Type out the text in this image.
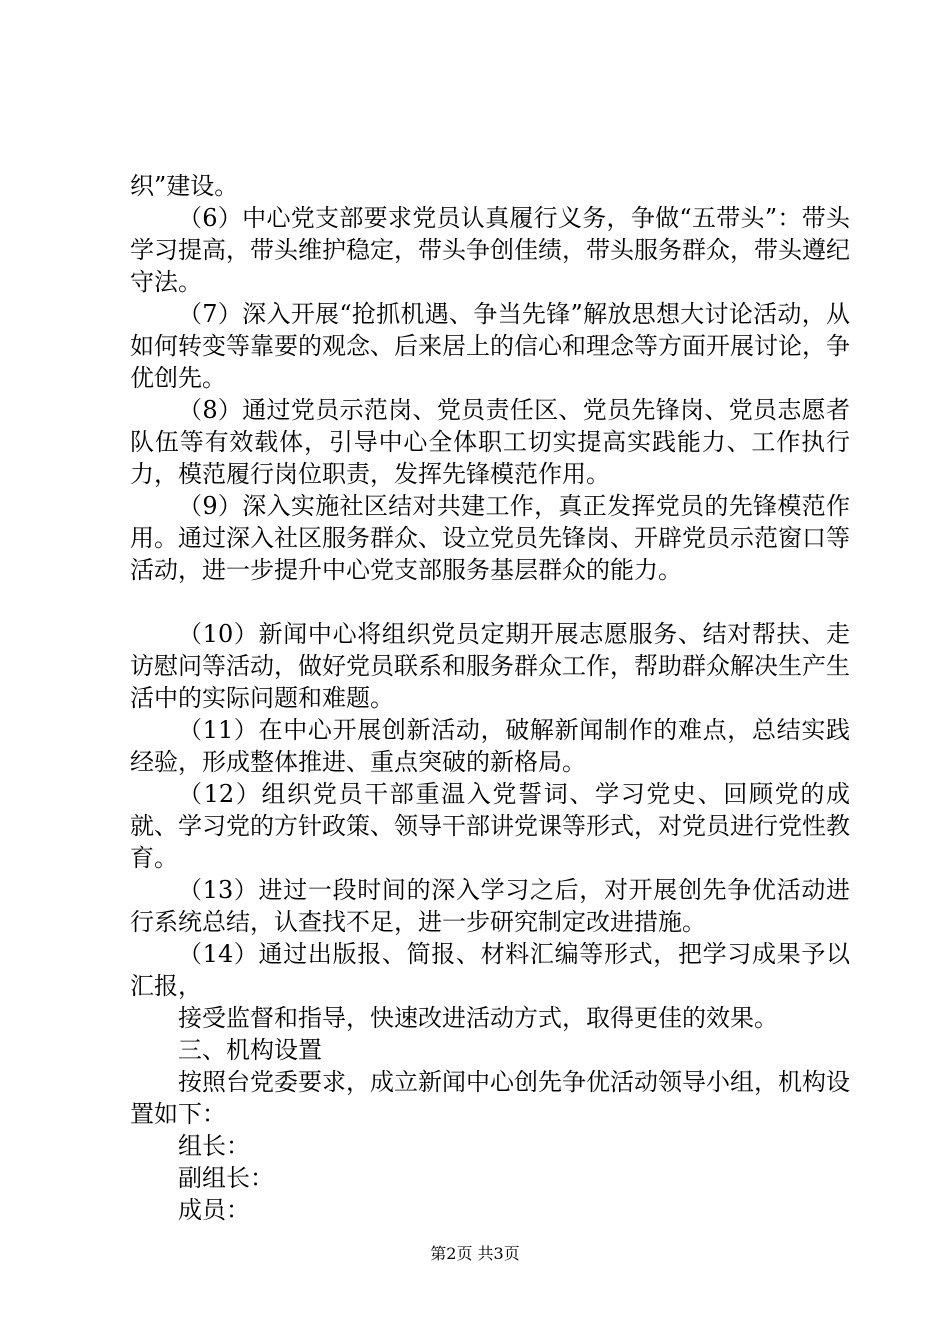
织”建设。

（6）中心党支部要求党员认真履行义务，争做“五带头”：带头学习提高，带头维护稳定，带头争创佳绩，带头服务群众，带头遵纪守法。

（7）深入开展“抢抓机遇、争当先锋”解放思想大讨论活动，从如何转变等靠要的观念、后来居上的信心和理念等方面开展讨论，争优创先。

（8）通过党员示范岗、党员责任区、党员先锋岗、党员志愿者队伍等有效载体，引导中心全体职工切实提高实践能力、工作执行力，模范履行岗位职责，发挥先锋模范作用。

（9）深入实施社区结对共建工作，真正发挥党员的先锋模范作用。通过深入社区服务群众、设立党员先锋岗、开辟党员示范窗口等活动，进一步提升中心党支部服务基层群众的能力。

（10）新闻中心将组织党员定期开展志愿服务、结对帮扶、走访慰问等活动，做好党员联系和服务群众工作，帮助群众解决生产生活中的实际问题和难题。

（11）在中心开展创新活动，破解新闻制作的难点，总结实践经验，形成整体推进、重点突破的新格局。

（12）组织党员干部重温入党誓词、学习党史、回顾党的成就、学习党的方针政策、领导干部讲党课等形式，对党员进行党性教育。

（13）进过一段时间的深入学习之后，对开展创先争优活动进行系统总结，认查找不足，进一步研究制定改进措施。

（14）通过出版报、简报、材料汇编等形式，把学习成果予以汇报，

接受监督和指导，快速改进活动方式，取得更佳的效果。

三、机构设置

按照台党委要求，成立新闻中心创先争优活动领导小组，机构设置如下：

组长：

副组长：

成员：

第2页 共3页
